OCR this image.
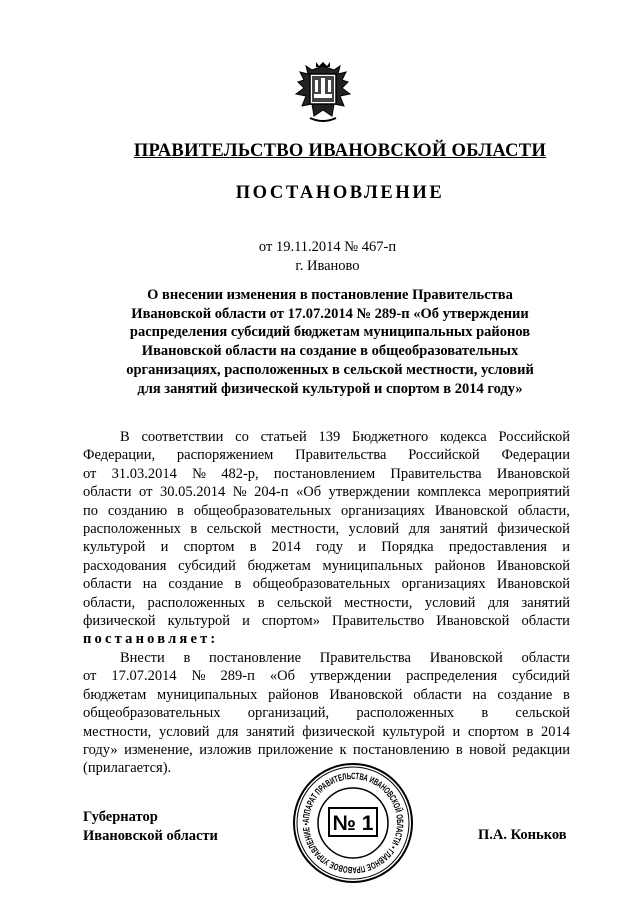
ПРАВИТЕЛЬСТВО ИВАНОВСКОЙ ОБЛАСТИ
ПОСТАНОВЛЕНИЕ
от 19.11.2014 № 467-п
г. Иваново
О внесении изменения в постановление Правительства
Ивановской области от 17.07.2014 № 289-п «Об утверждении
распределения субсидий бюджетам муниципальных районов
Ивановской области на создание в общеобразовательных
организациях, расположенных в сельской местности, условий
для занятий физической культурой и спортом в 2014 году»
В соответствии со статьей 139 Бюджетного кодекса Российской
Федерации, распоряжением Правительства Российской Федерации
от 31.03.2014 № 482-р, постановлением Правительства Ивановской
области от 30.05.2014 № 204-п «Об утверждении комплекса мероприятий
по созданию в общеобразовательных организациях Ивановской области,
расположенных в сельской местности, условий для занятий физической
культурой и спортом в 2014 году и Порядка предоставления и
расходования субсидий бюджетам муниципальных районов Ивановской
области на создание в общеобразовательных организациях Ивановской
области, расположенных в сельской местности, условий для занятий
физической культурой и спортом» Правительство Ивановской области
постановляет:
Внести в постановление Правительства Ивановской области
от 17.07.2014 № 289-п «Об утверждении распределения субсидий
бюджетам муниципальных районов Ивановской области на создание в
общеобразовательных организаций, расположенных в сельской
местности, условий для занятий физической культурой и спортом в 2014
году» изменение, изложив приложение к постановлению в новой редакции
(прилагается).
Губернатор
Ивановской области	П.А. Коньков
АППАРАТ ПРАВИТЕЛЬСТВА ИВАНОВСКОЙ ОБЛАСТИ • ГЛАВНОЕ ПРАВОВОЕ УПРАВЛЕНИЕ •	№ 1
